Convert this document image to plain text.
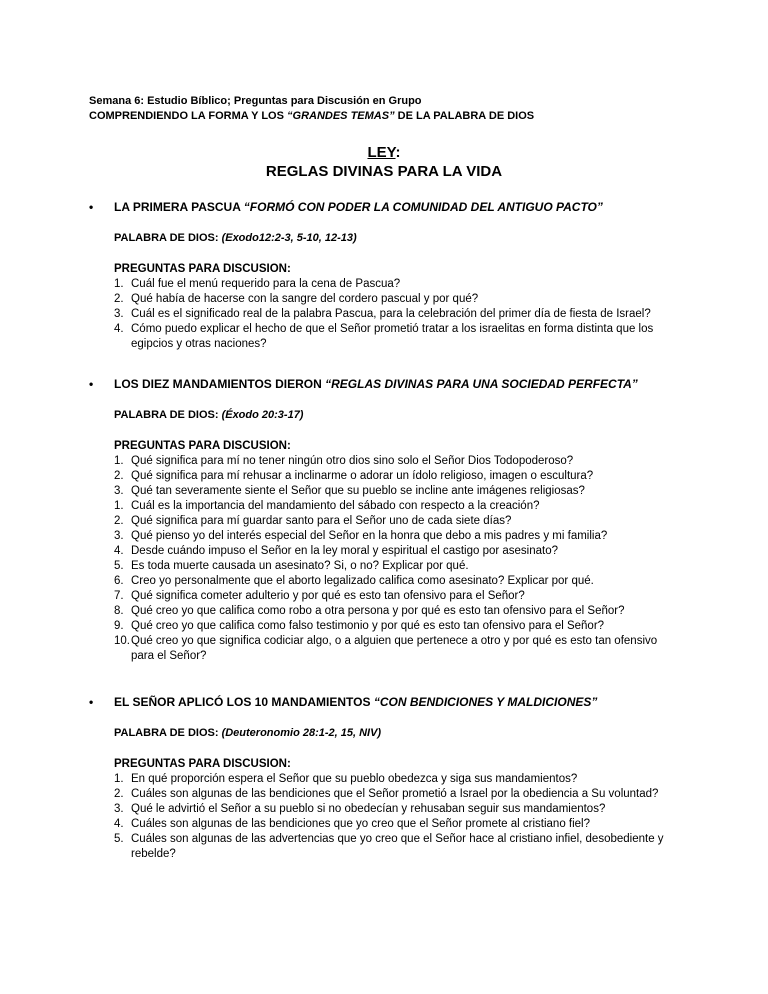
Semana 6: Estudio Bíblico; Preguntas para Discusión en Grupo
COMPRENDIENDO LA FORMA Y LOS “GRANDES TEMAS” DE LA PALABRA DE DIOS
LEY:
REGLAS DIVINAS PARA LA VIDA
• LA PRIMERA PASCUA “FORMÓ CON PODER LA COMUNIDAD DEL ANTIGUO PACTO”
PALABRA DE DIOS: (Exodo12:2-3, 5-10, 12-13)
PREGUNTAS PARA DISCUSION:
1. Cuál fue el menú requerido para la cena de Pascua?
2. Qué había de hacerse con la sangre del cordero pascual y por qué?
3. Cuál es el significado real de la palabra Pascua, para la celebración del primer día de fiesta de Israel?
4. Cómo puedo explicar el hecho de que el Señor prometió tratar a los israelitas en forma distinta que los egipcios y otras naciones?
• LOS DIEZ MANDAMIENTOS DIERON “REGLAS DIVINAS PARA UNA SOCIEDAD PERFECTA”
PALABRA DE DIOS: (Éxodo 20:3-17)
PREGUNTAS PARA DISCUSION:
1. Qué significa para mí no tener ningún otro dios sino solo el Señor Dios Todopoderoso?
2. Qué significa para mí rehusar a inclinarme o adorar un ídolo religioso, imagen o escultura?
3. Qué tan severamente siente el Señor que su pueblo se incline ante imágenes religiosas?
1. Cuál es la importancia del mandamiento del sábado con respecto a la creación?
2. Qué significa para mí guardar santo para el Señor uno de cada siete días?
3. Qué pienso yo del interés especial del Señor en la honra que debo a mis padres y mi familia?
4. Desde cuándo impuso el Señor en la ley moral y espiritual el castigo por asesinato?
5. Es toda muerte causada un asesinato? Si, o no? Explicar por qué.
6. Creo yo personalmente que el aborto legalizado califica como asesinato? Explicar por qué.
7. Qué significa cometer adulterio y por qué es esto tan ofensivo para el Señor?
8. Qué creo yo que califica como robo a otra persona y por qué es esto tan ofensivo para el Señor?
9. Qué creo yo que califica como falso testimonio y por qué es esto tan ofensivo para el Señor?
10. Qué creo yo que significa codiciar algo, o a alguien que pertenece a otro y por qué es esto tan ofensivo para el Señor?
• EL SEÑOR APLICÓ LOS 10 MANDAMIENTOS “CON BENDICIONES Y MALDICIONES”
PALABRA DE DIOS: (Deuteronomio 28:1-2, 15, NIV)
PREGUNTAS PARA DISCUSION:
1. En qué proporción espera el Señor que su pueblo obedezca y siga sus mandamientos?
2. Cuáles son algunas de las bendiciones que el Señor prometió a Israel por la obediencia a Su voluntad?
3. Qué le advirtió el Señor a su pueblo si no obedecían y rehusaban seguir sus mandamientos?
4. Cuáles son algunas de las bendiciones que yo creo que el Señor promete al cristiano fiel?
5. Cuáles son algunas de las advertencias que yo creo que el Señor hace al cristiano infiel, desobediente y rebelde?
